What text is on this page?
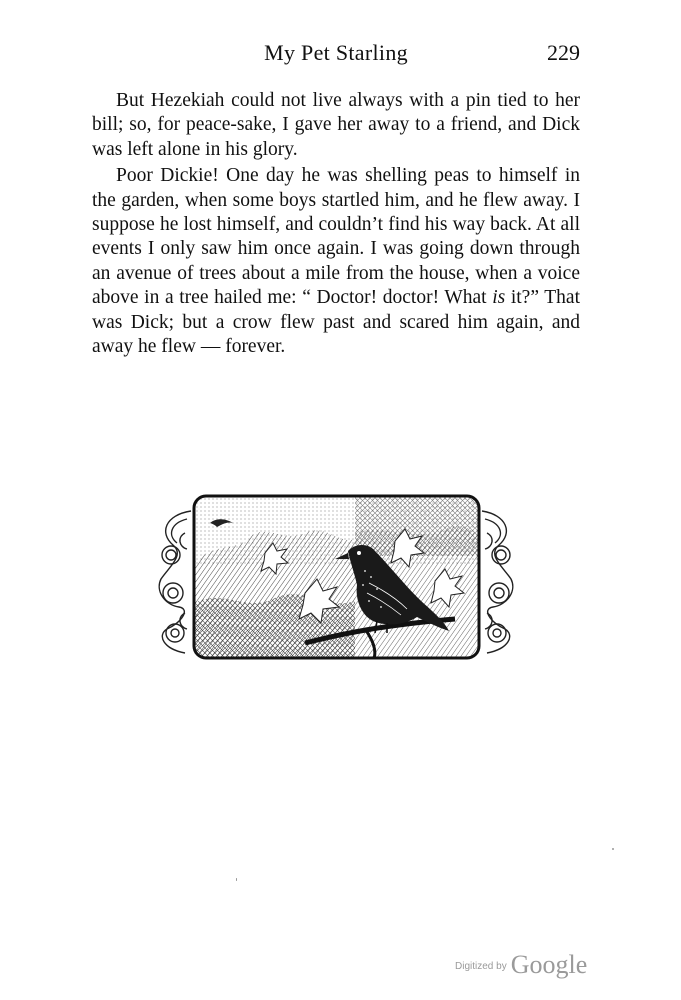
My Pet Starling	229

But Hezekiah could not live always with a pin tied to her bill; so, for peace-sake, I gave her away to a friend, and Dick was left alone in his glory.

Poor Dickie! One day he was shelling peas to himself in the garden, when some boys startled him, and he flew away. I suppose he lost himself, and couldn’t find his way back. At all events I only saw him once again. I was going down through an avenue of trees about a mile from the house, when a voice above in a tree hailed me: “ Doctor! doctor! What is it?” That was Dick; but a crow flew past and scared him again, and away he flew — forever.

$^{Digitized by}$ Google
